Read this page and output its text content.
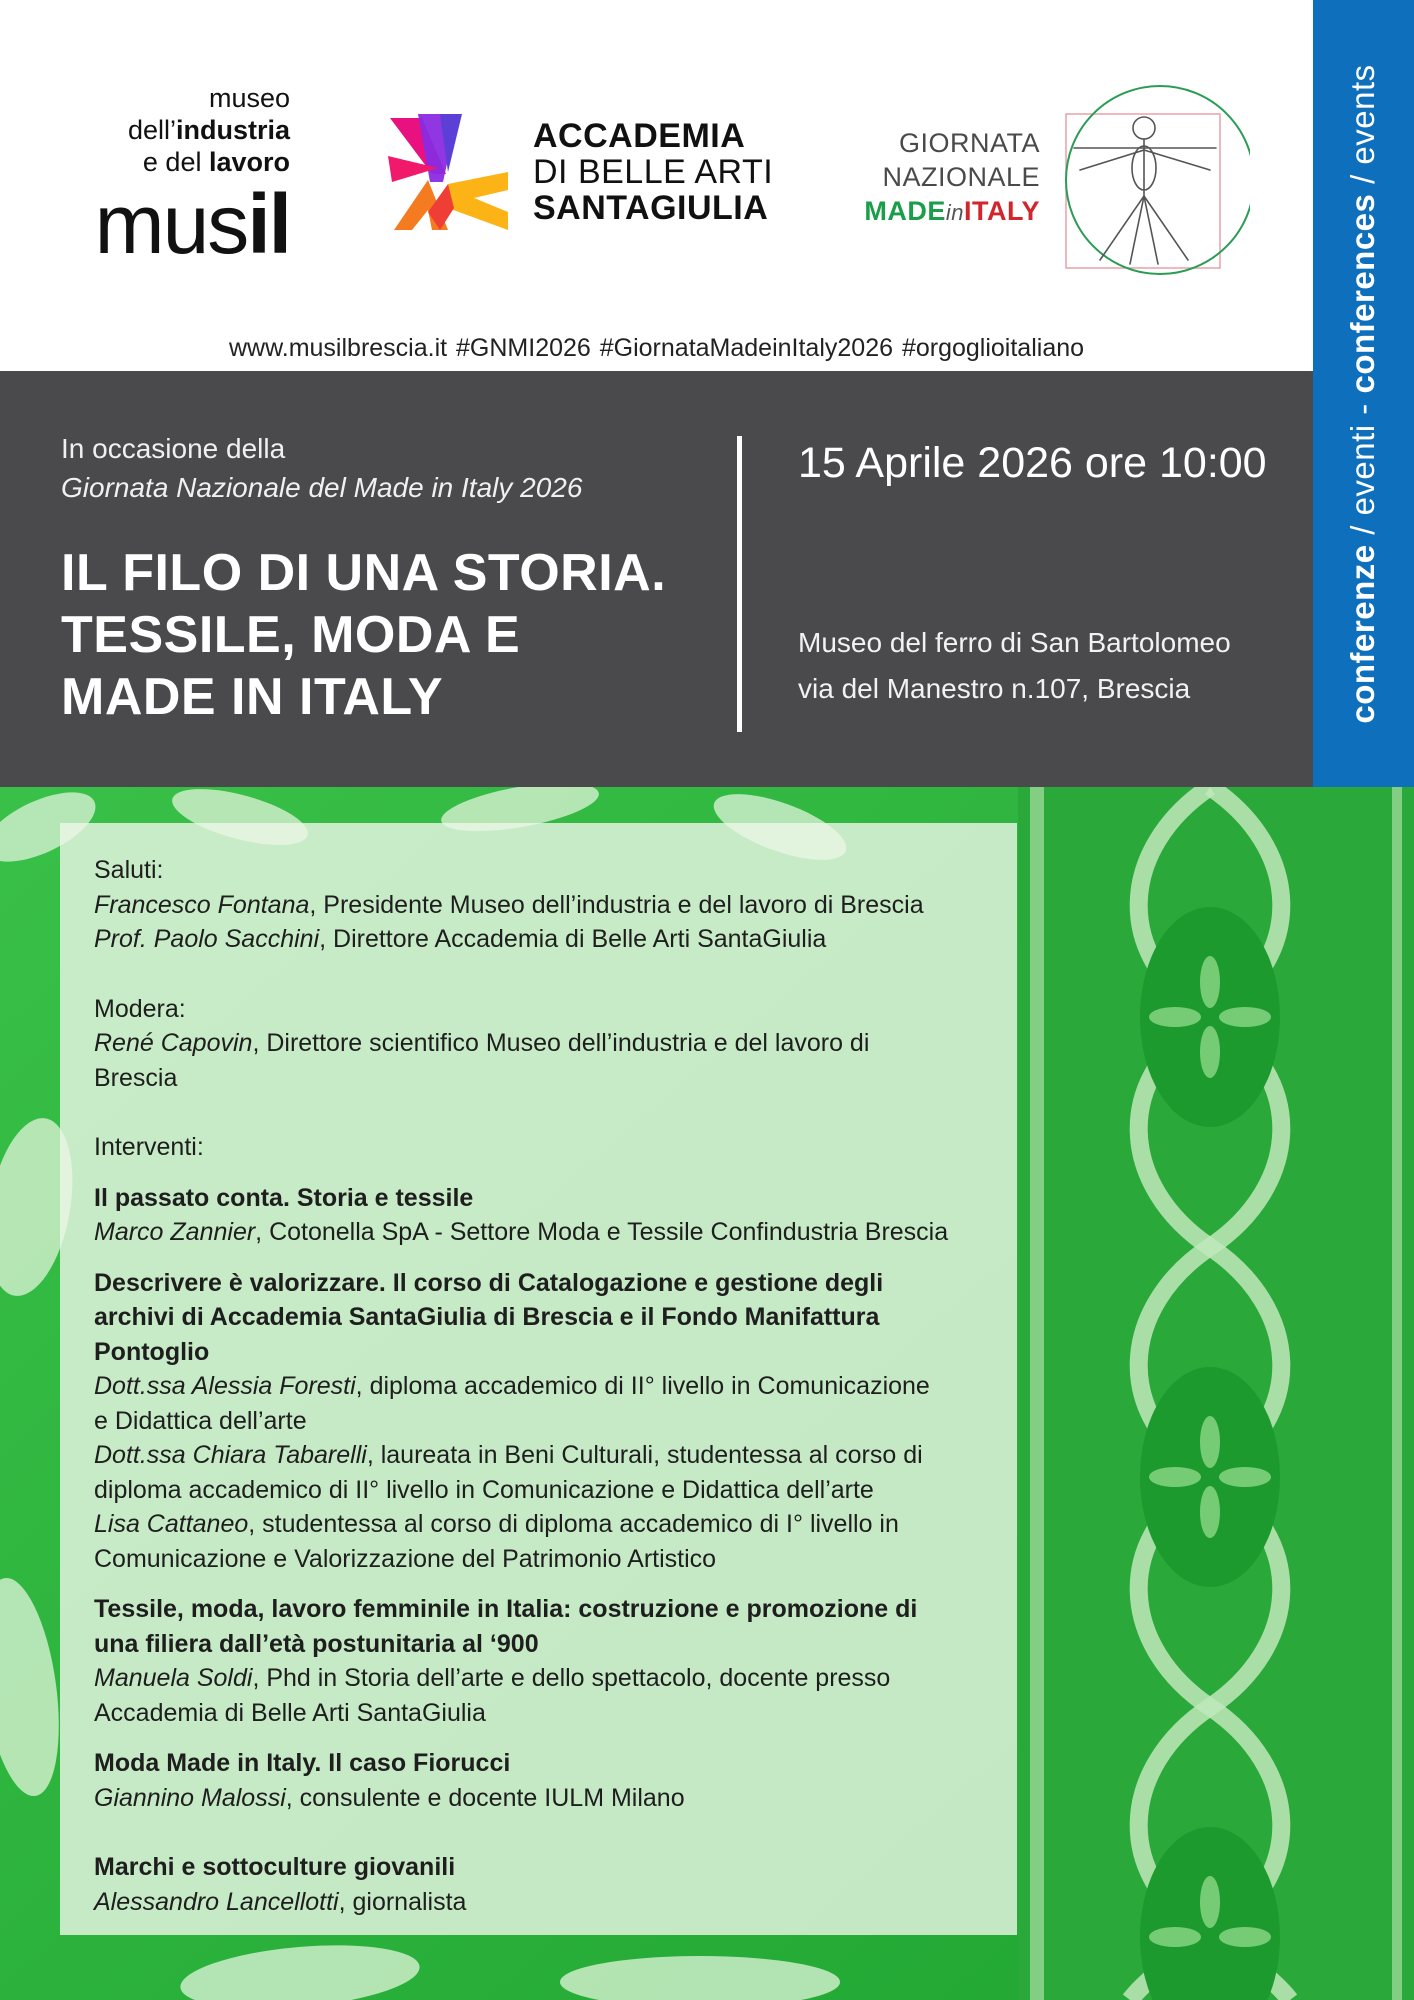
museo
dell’industria
e del lavoro
musil
ACCADEMIA
DI BELLE ARTI
SANTAGIULIA
GIORNATA
NAZIONALE
MADEinITALY
www.musilbrescia.it #GNMI2026 #GiornataMadeinItaly2026 #orgoglioitaliano
conferenze / eventi - conferences / events
In occasione della
Giornata Nazionale del Made in Italy 2026
IL FILO DI UNA STORIA.
TESSILE, MODA E
MADE IN ITALY
15 Aprile 2026 ore 10:00
Museo del ferro di San Bartolomeo
via del Manestro n.107, Brescia
Saluti:
Francesco Fontana, Presidente Museo dell’industria e del lavoro di Brescia
Prof. Paolo Sacchini, Direttore Accademia di Belle Arti SantaGiulia
Modera:
René Capovin, Direttore scientifico Museo dell’industria e del lavoro di
Brescia
Interventi:
Il passato conta. Storia e tessile
Marco Zannier, Cotonella SpA - Settore Moda e Tessile Confindustria Brescia
Descrivere è valorizzare. Il corso di Catalogazione e gestione degli
archivi di Accademia SantaGiulia di Brescia e il Fondo Manifattura
Pontoglio
Dott.ssa Alessia Foresti, diploma accademico di II° livello in Comunicazione
e Didattica dell’arte
Dott.ssa Chiara Tabarelli, laureata in Beni Culturali, studentessa al corso di
diploma accademico di II° livello in Comunicazione e Didattica dell’arte
Lisa Cattaneo, studentessa al corso di diploma accademico di I° livello in
Comunicazione e Valorizzazione del Patrimonio Artistico
Tessile, moda, lavoro femminile in Italia: costruzione e promozione di
una filiera dall’età postunitaria al ‘900
Manuela Soldi, Phd in Storia dell’arte e dello spettacolo, docente presso
Accademia di Belle Arti SantaGiulia
Moda Made in Italy. Il caso Fiorucci
Giannino Malossi, consulente e docente IULM Milano
Marchi e sottoculture giovanili
Alessandro Lancellotti, giornalista
